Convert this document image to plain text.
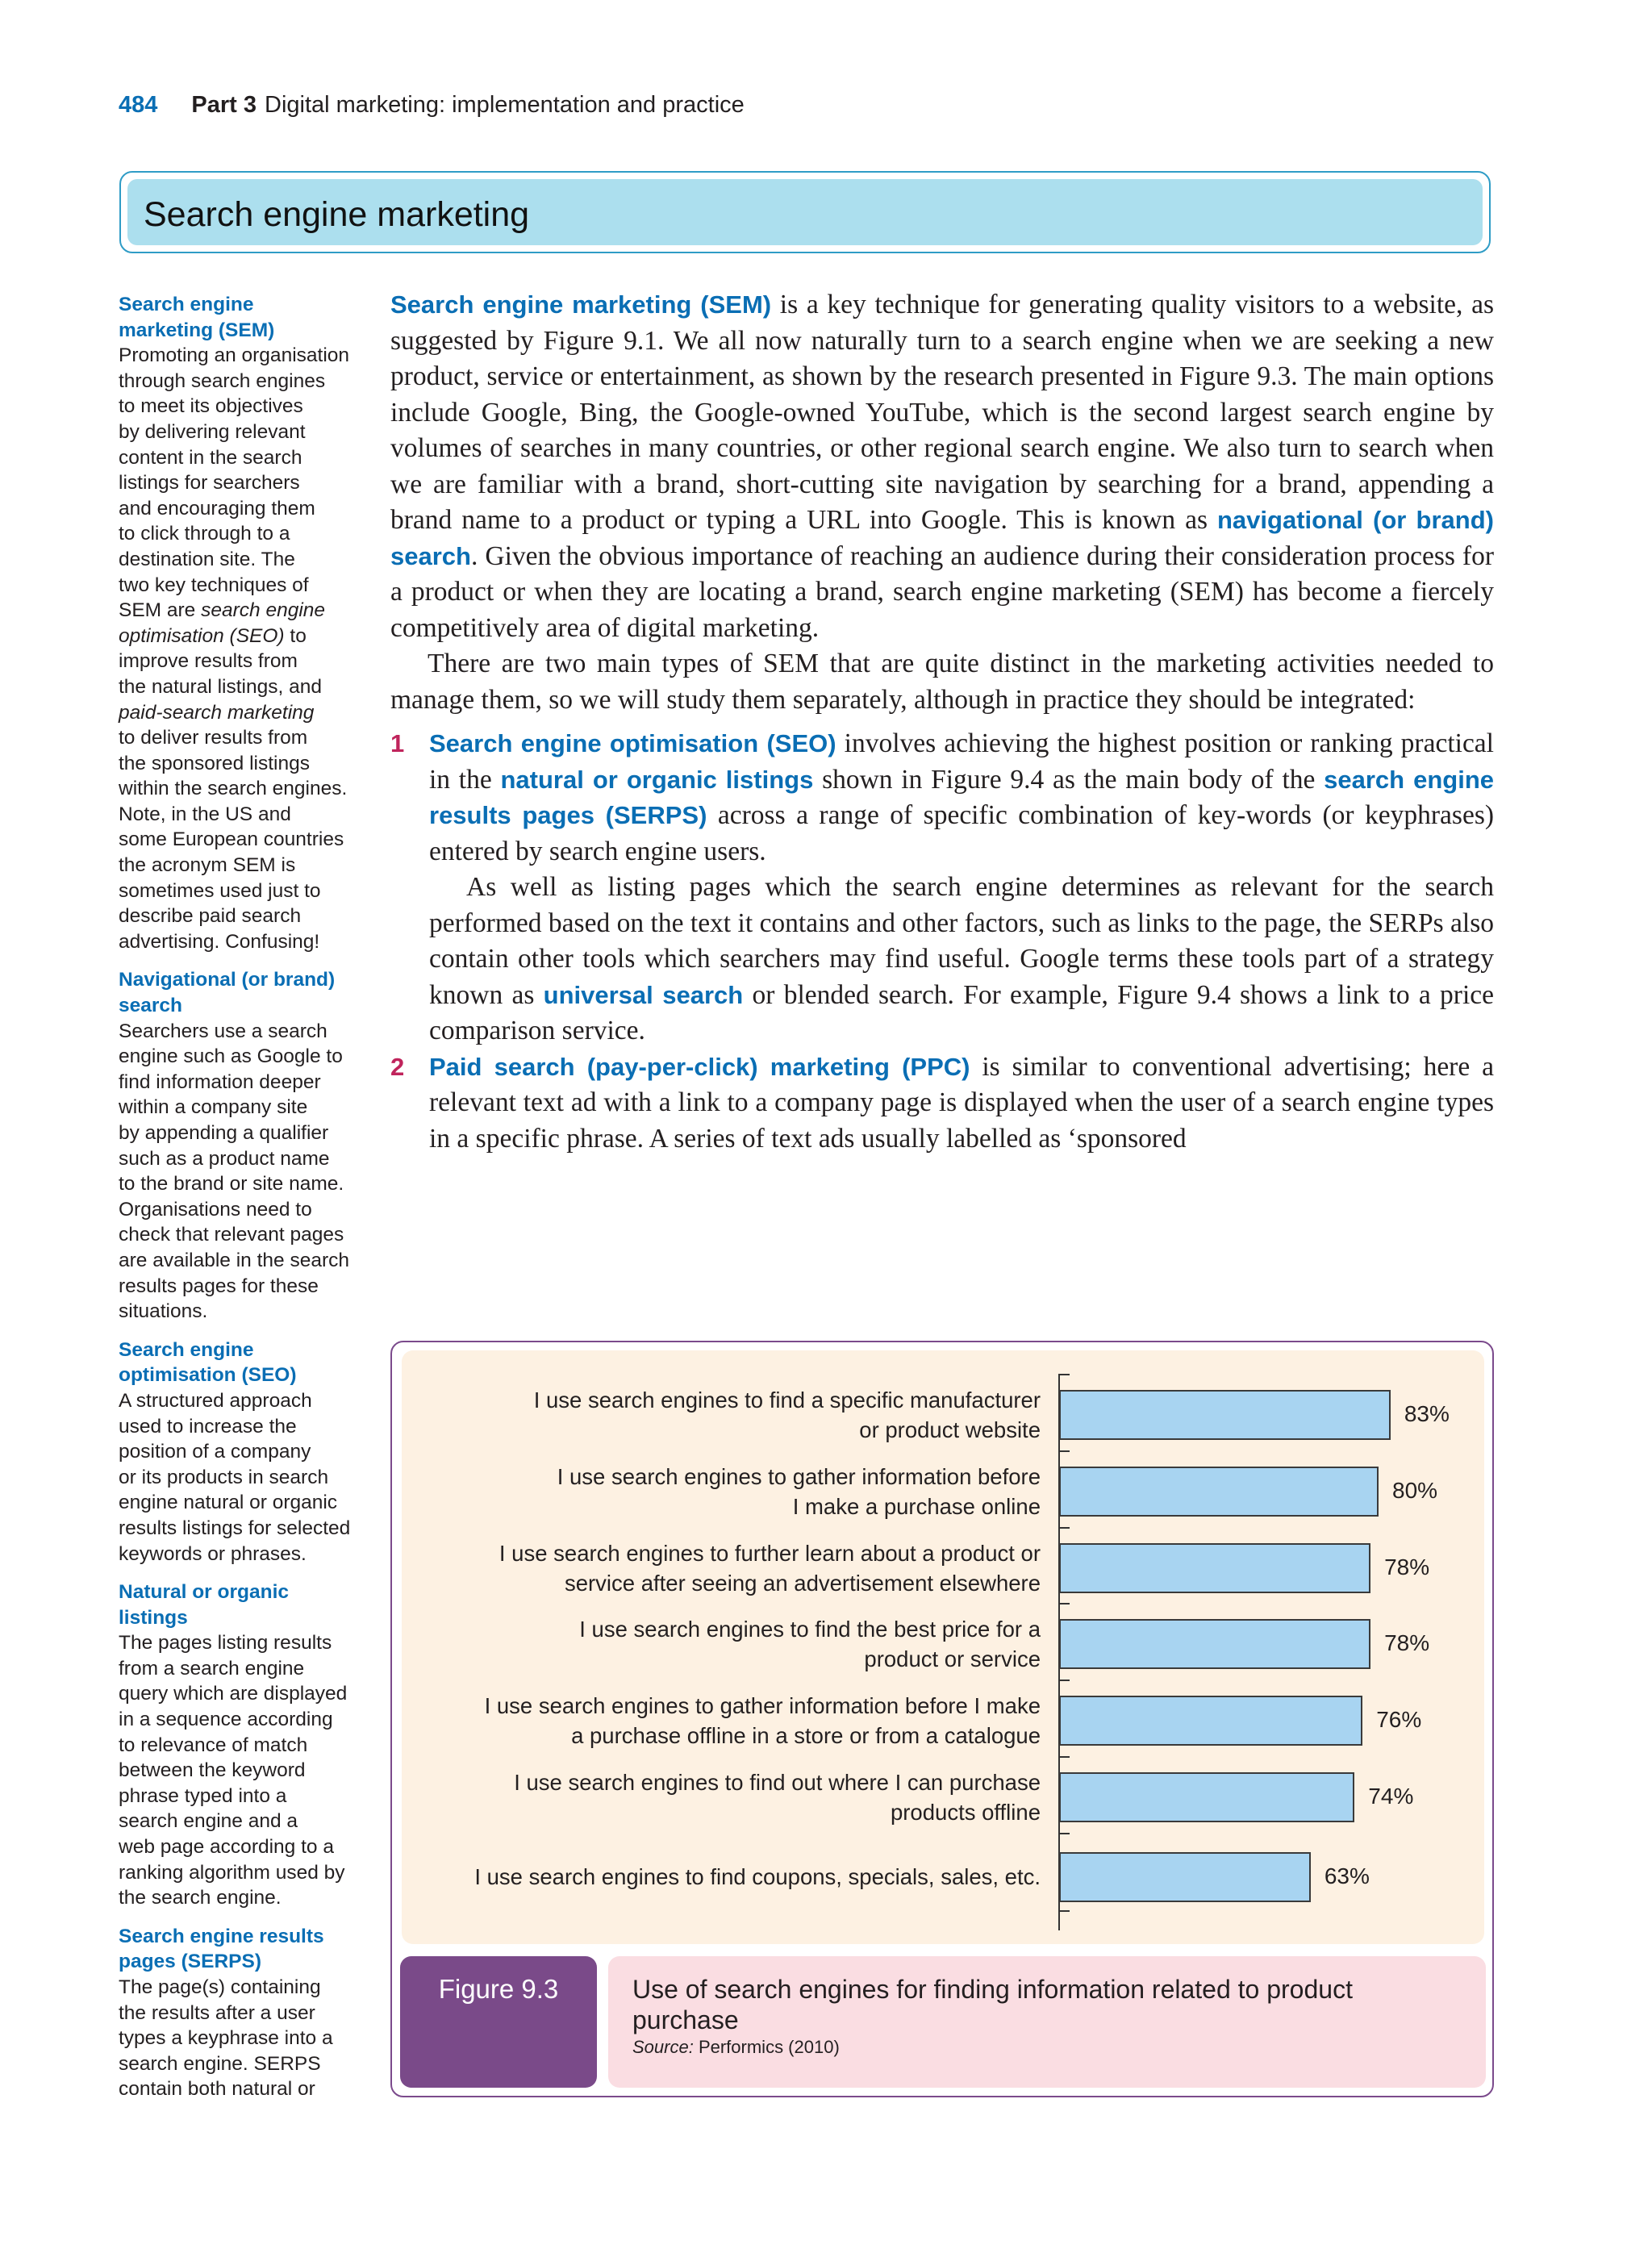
484 Part 3 Digital marketing: implementation and practice
Search engine marketing
Search engine
marketing (SEM)
Promoting an organisation
through search engines
to meet its objectives
by delivering relevant
content in the search
listings for searchers
and encouraging them
to click through to a
destination site. The
two key techniques of
SEM are search engine
optimisation (SEO) to
improve results from
the natural listings, and
paid-search marketing
to deliver results from
the sponsored listings
within the search engines.
Note, in the US and
some European countries
the acronym SEM is
sometimes used just to
describe paid search
advertising. Confusing!
Navigational (or brand)
search
Searchers use a search
engine such as Google to
find information deeper
within a company site
by appending a qualifier
such as a product name
to the brand or site name.
Organisations need to
check that relevant pages
are available in the search
results pages for these
situations.
Search engine
optimisation (SEO)
A structured approach
used to increase the
position of a company
or its products in search
engine natural or organic
results listings for selected
keywords or phrases.
Natural or organic
listings
The pages listing results
from a search engine
query which are displayed
in a sequence according
to relevance of match
between the keyword
phrase typed into a
search engine and a
web page according to a
ranking algorithm used by
the search engine.
Search engine results
pages (SERPS)
The page(s) containing
the results after a user
types a keyphrase into a
search engine. SERPS
contain both natural or

Search engine marketing (SEM) is a key technique for generating quality visitors to a website, as suggested by Figure 9.1. We all now naturally turn to a search engine when we are seeking a new product, service or entertainment, as shown by the research presented in Figure 9.3. The main options include Google, Bing, the Google-owned YouTube, which is the second largest search engine by volumes of searches in many countries, or other regional search engine. We also turn to search when we are familiar with a brand, short-cutting site navigation by searching for a brand, appending a brand name to a product or typing a URL into Google. This is known as navigational (or brand) search. Given the obvious importance of reaching an audience during their consideration process for a product or when they are locating a brand, search engine marketing (SEM) has become a fiercely competitively area of digital marketing.

There are two main types of SEM that are quite distinct in the marketing activities needed to manage them, so we will study them separately, although in practice they should be integrated:

1 Search engine optimisation (SEO) involves achieving the highest position or ranking practical in the natural or organic listings shown in Figure 9.4 as the main body of the search engine results pages (SERPS) across a range of specific combination of key-words (or keyphrases) entered by search engine users.

As well as listing pages which the search engine determines as relevant for the search performed based on the text it contains and other factors, such as links to the page, the SERPs also contain other tools which searchers may find useful. Google terms these tools part of a strategy known as universal search or blended search. For example, Figure 9.4 shows a link to a price comparison service.

2 Paid search (pay-per-click) marketing (PPC) is similar to conventional advertising; here a relevant text ad with a link to a company page is displayed when the user of a search engine types in a specific phrase. A series of text ads usually labelled as ‘sponsored

83%
I use search engines to find a specific manufacturer
or product website
80%
I use search engines to gather information before
I make a purchase online
78%
I use search engines to further learn about a product or
service after seeing an advertisement elsewhere
78%
I use search engines to find the best price for a
product or service
76%
I use search engines to gather information before I make
a purchase offline in a store or from a catalogue
74%
I use search engines to find out where I can purchase
products offline
63%
I use search engines to find coupons, specials, sales, etc.
Figure 9.3	Use of search engines for finding information related to product purchase
Source: Performics (2010)
